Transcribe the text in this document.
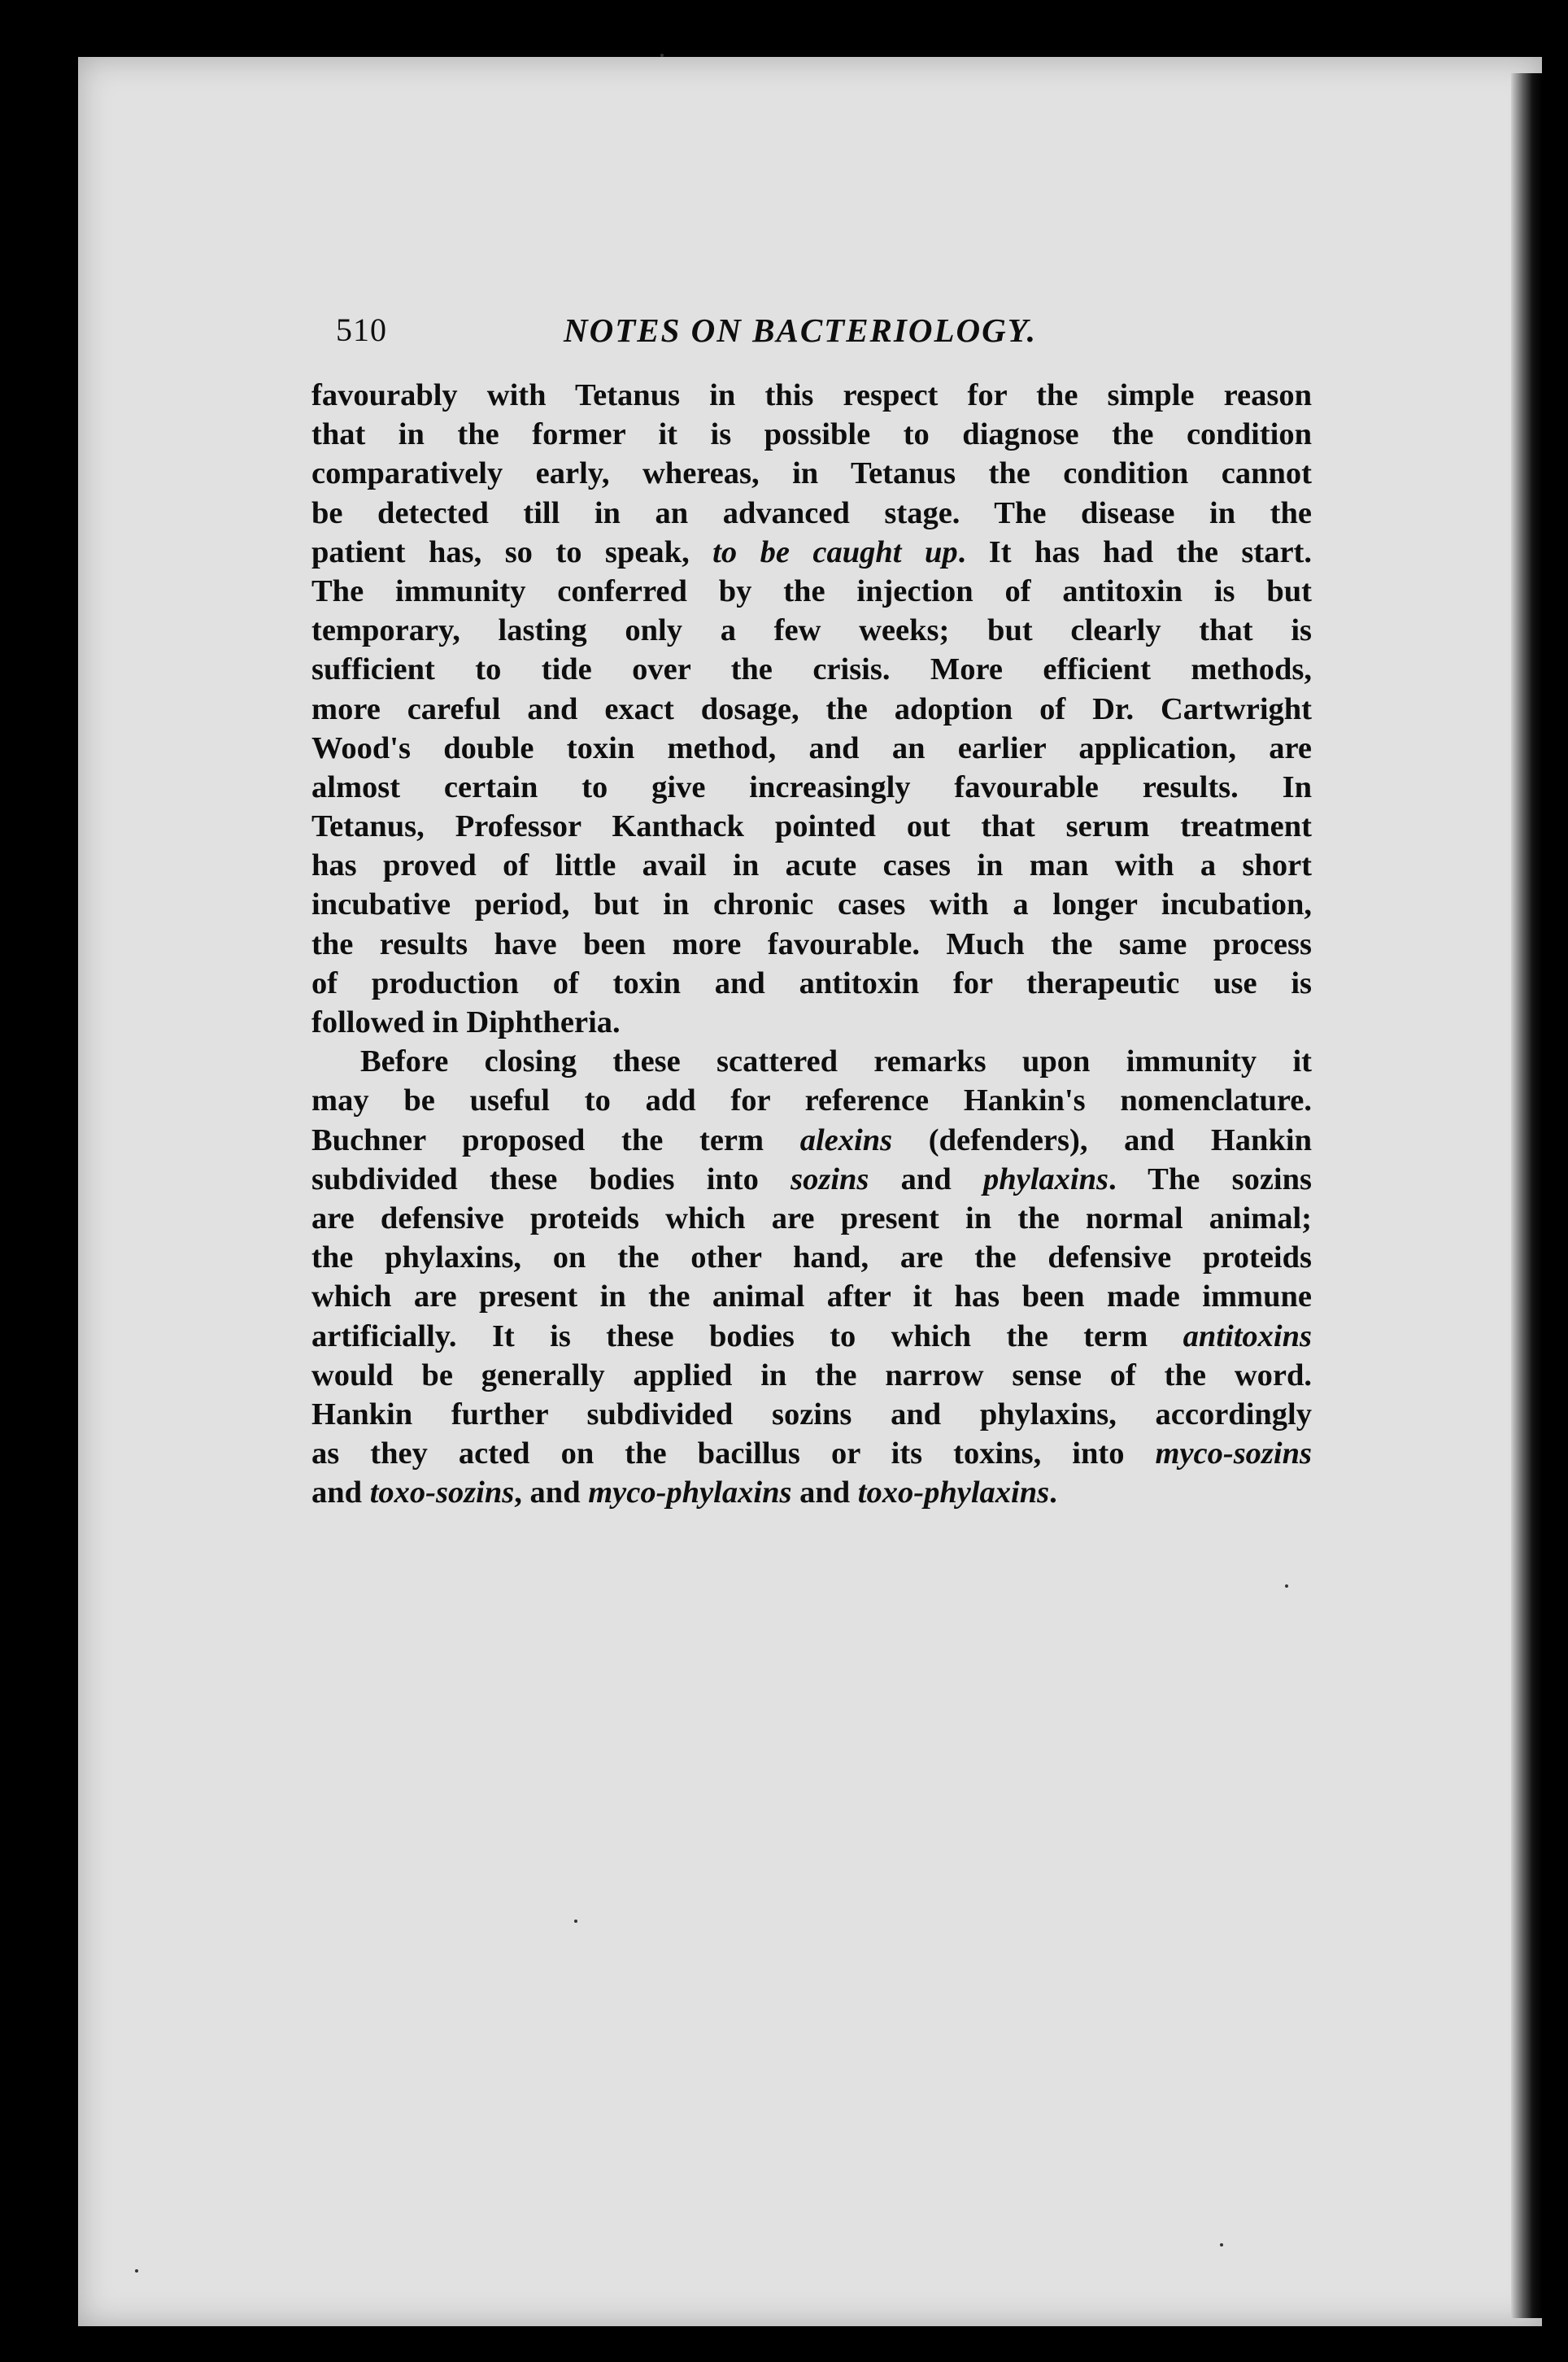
510	NOTES ON BACTERIOLOGY.
favourably with Tetanus in this respect for the simple reason
that in the former it is possible to diagnose the condition
comparatively early, whereas, in Tetanus the condition cannot
be detected till in an advanced stage. The disease in the
patient has, so to speak, to be caught up. It has had the start.
The immunity conferred by the injection of antitoxin is but
temporary, lasting only a few weeks; but clearly that is
sufficient to tide over the crisis. More efficient methods,
more careful and exact dosage, the adoption of Dr. Cartwright
Wood's double toxin method, and an earlier application, are
almost certain to give increasingly favourable results. In
Tetanus, Professor Kanthack pointed out that serum treatment
has proved of little avail in acute cases in man with a short
incubative period, but in chronic cases with a longer incubation,
the results have been more favourable. Much the same process
of production of toxin and antitoxin for therapeutic use is
followed in Diphtheria.
Before closing these scattered remarks upon immunity it
may be useful to add for reference Hankin's nomenclature.
Buchner proposed the term alexins (defenders), and Hankin
subdivided these bodies into sozins and phylaxins. The sozins
are defensive proteids which are present in the normal animal;
the phylaxins, on the other hand, are the defensive proteids
which are present in the animal after it has been made immune
artificially. It is these bodies to which the term antitoxins
would be generally applied in the narrow sense of the word.
Hankin further subdivided sozins and phylaxins, accordingly
as they acted on the bacillus or its toxins, into myco-sozins
and toxo-sozins, and myco-phylaxins and toxo-phylaxins.
